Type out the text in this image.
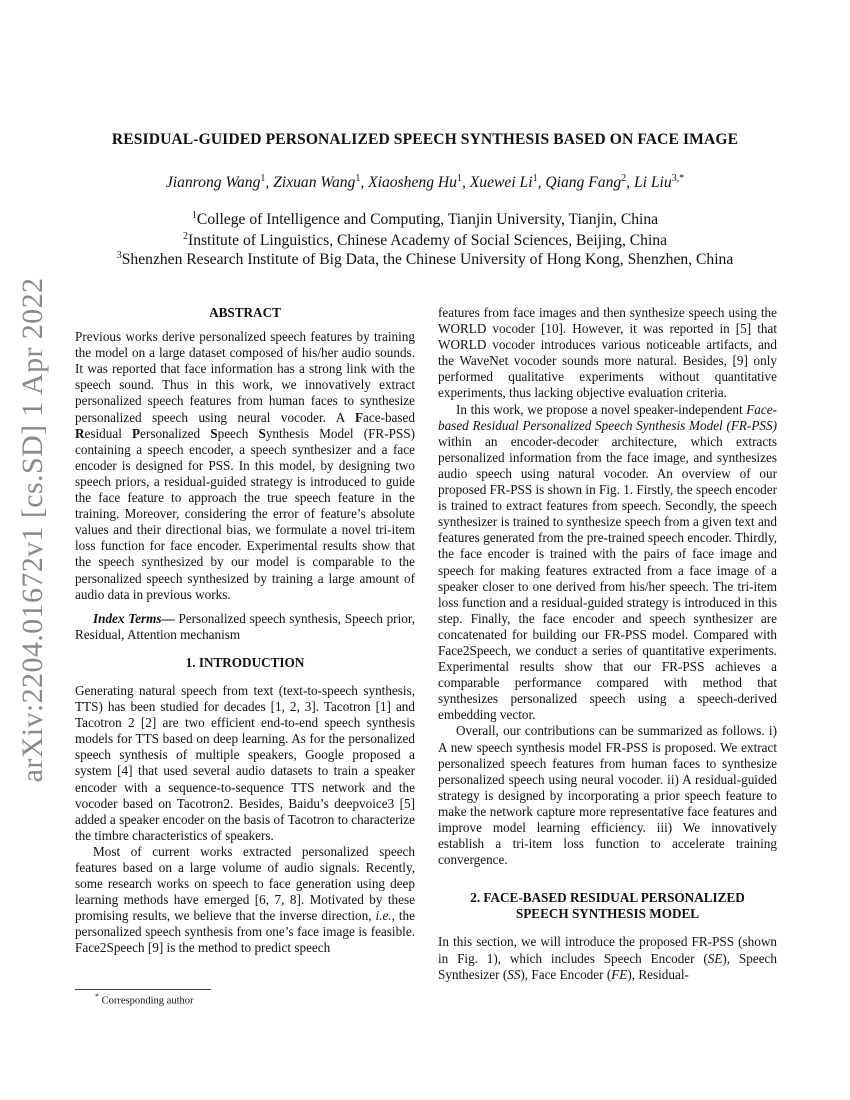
arXiv:2204.01672v1 [cs.SD] 1 Apr 2022
RESIDUAL-GUIDED PERSONALIZED SPEECH SYNTHESIS BASED ON FACE IMAGE
Jianrong Wang$^1$, Zixuan Wang$^1$, Xiaosheng Hu$^1$, Xuewei Li$^1$, Qiang Fang$^2$, Li Liu$^{3,*}$
$^1$College of Intelligence and Computing, Tianjin University, Tianjin, China
$^2$Institute of Linguistics, Chinese Academy of Social Sciences, Beijing, China
$^3$Shenzhen Research Institute of Big Data, the Chinese University of Hong Kong, Shenzhen, China

ABSTRACT

Previous works derive personalized speech features by training the model on a large dataset composed of his/her audio sounds. It was reported that face information has a strong link with the speech sound. Thus in this work, we innovatively extract personalized speech features from human faces to synthesize personalized speech using neural vocoder. A Face-based Residual Personalized Speech Synthesis Model (FR-PSS) containing a speech encoder, a speech synthesizer and a face encoder is designed for PSS. In this model, by designing two speech priors, a residual-guided strategy is introduced to guide the face feature to approach the true speech feature in the training. Moreover, considering the error of feature’s absolute values and their directional bias, we formulate a novel tri-item loss function for face encoder. Experimental results show that the speech synthesized by our model is comparable to the personalized speech synthesized by training a large amount of audio data in previous works.

Index Terms— Personalized speech synthesis, Speech prior, Residual, Attention mechanism

1. INTRODUCTION

Generating natural speech from text (text-to-speech synthesis, TTS) has been studied for decades [1, 2, 3]. Tacotron [1] and Tacotron 2 [2] are two efficient end-to-end speech synthesis models for TTS based on deep learning. As for the personalized speech synthesis of multiple speakers, Google proposed a system [4] that used several audio datasets to train a speaker encoder with a sequence-to-sequence TTS network and the vocoder based on Tacotron2. Besides, Baidu’s deepvoice3 [5] added a speaker encoder on the basis of Tacotron to characterize the timbre characteristics of speakers.

Most of current works extracted personalized speech features based on a large volume of audio signals. Recently, some research works on speech to face generation using deep learning methods have emerged [6, 7, 8]. Motivated by these promising results, we believe that the inverse direction, i.e., the personalized speech synthesis from one’s face image is feasible. Face2Speech [9] is the method to predict speech

features from face images and then synthesize speech using the WORLD vocoder [10]. However, it was reported in [5] that WORLD vocoder introduces various noticeable artifacts, and the WaveNet vocoder sounds more natural. Besides, [9] only performed qualitative experiments without quantitative experiments, thus lacking objective evaluation criteria.

In this work, we propose a novel speaker-independent Face-based Residual Personalized Speech Synthesis Model (FR-PSS) within an encoder-decoder architecture, which extracts personalized information from the face image, and synthesizes audio speech using natural vocoder. An overview of our proposed FR-PSS is shown in Fig. 1. Firstly, the speech encoder is trained to extract features from speech. Secondly, the speech synthesizer is trained to synthesize speech from a given text and features generated from the pre-trained speech encoder. Thirdly, the face encoder is trained with the pairs of face image and speech for making features extracted from a face image of a speaker closer to one derived from his/her speech. The tri-item loss function and a residual-guided strategy is introduced in this step. Finally, the face encoder and speech synthesizer are concatenated for building our FR-PSS model. Compared with Face2Speech, we conduct a series of quantitative experiments. Experimental results show that our FR-PSS achieves a comparable performance compared with method that synthesizes personalized speech using a speech-derived embedding vector.

Overall, our contributions can be summarized as follows. i) A new speech synthesis model FR-PSS is proposed. We extract personalized speech features from human faces to synthesize personalized speech using neural vocoder. ii) A residual-guided strategy is designed by incorporating a prior speech feature to make the network capture more representative face features and improve model learning efficiency. iii) We innovatively establish a tri-item loss function to accelerate training convergence.

2. FACE-BASED RESIDUAL PERSONALIZED
SPEECH SYNTHESIS MODEL

In this section, we will introduce the proposed FR-PSS (shown in Fig. 1), which includes Speech Encoder (SE), Speech Synthesizer (SS), Face Encoder (FE), Residual-

* Corresponding author
